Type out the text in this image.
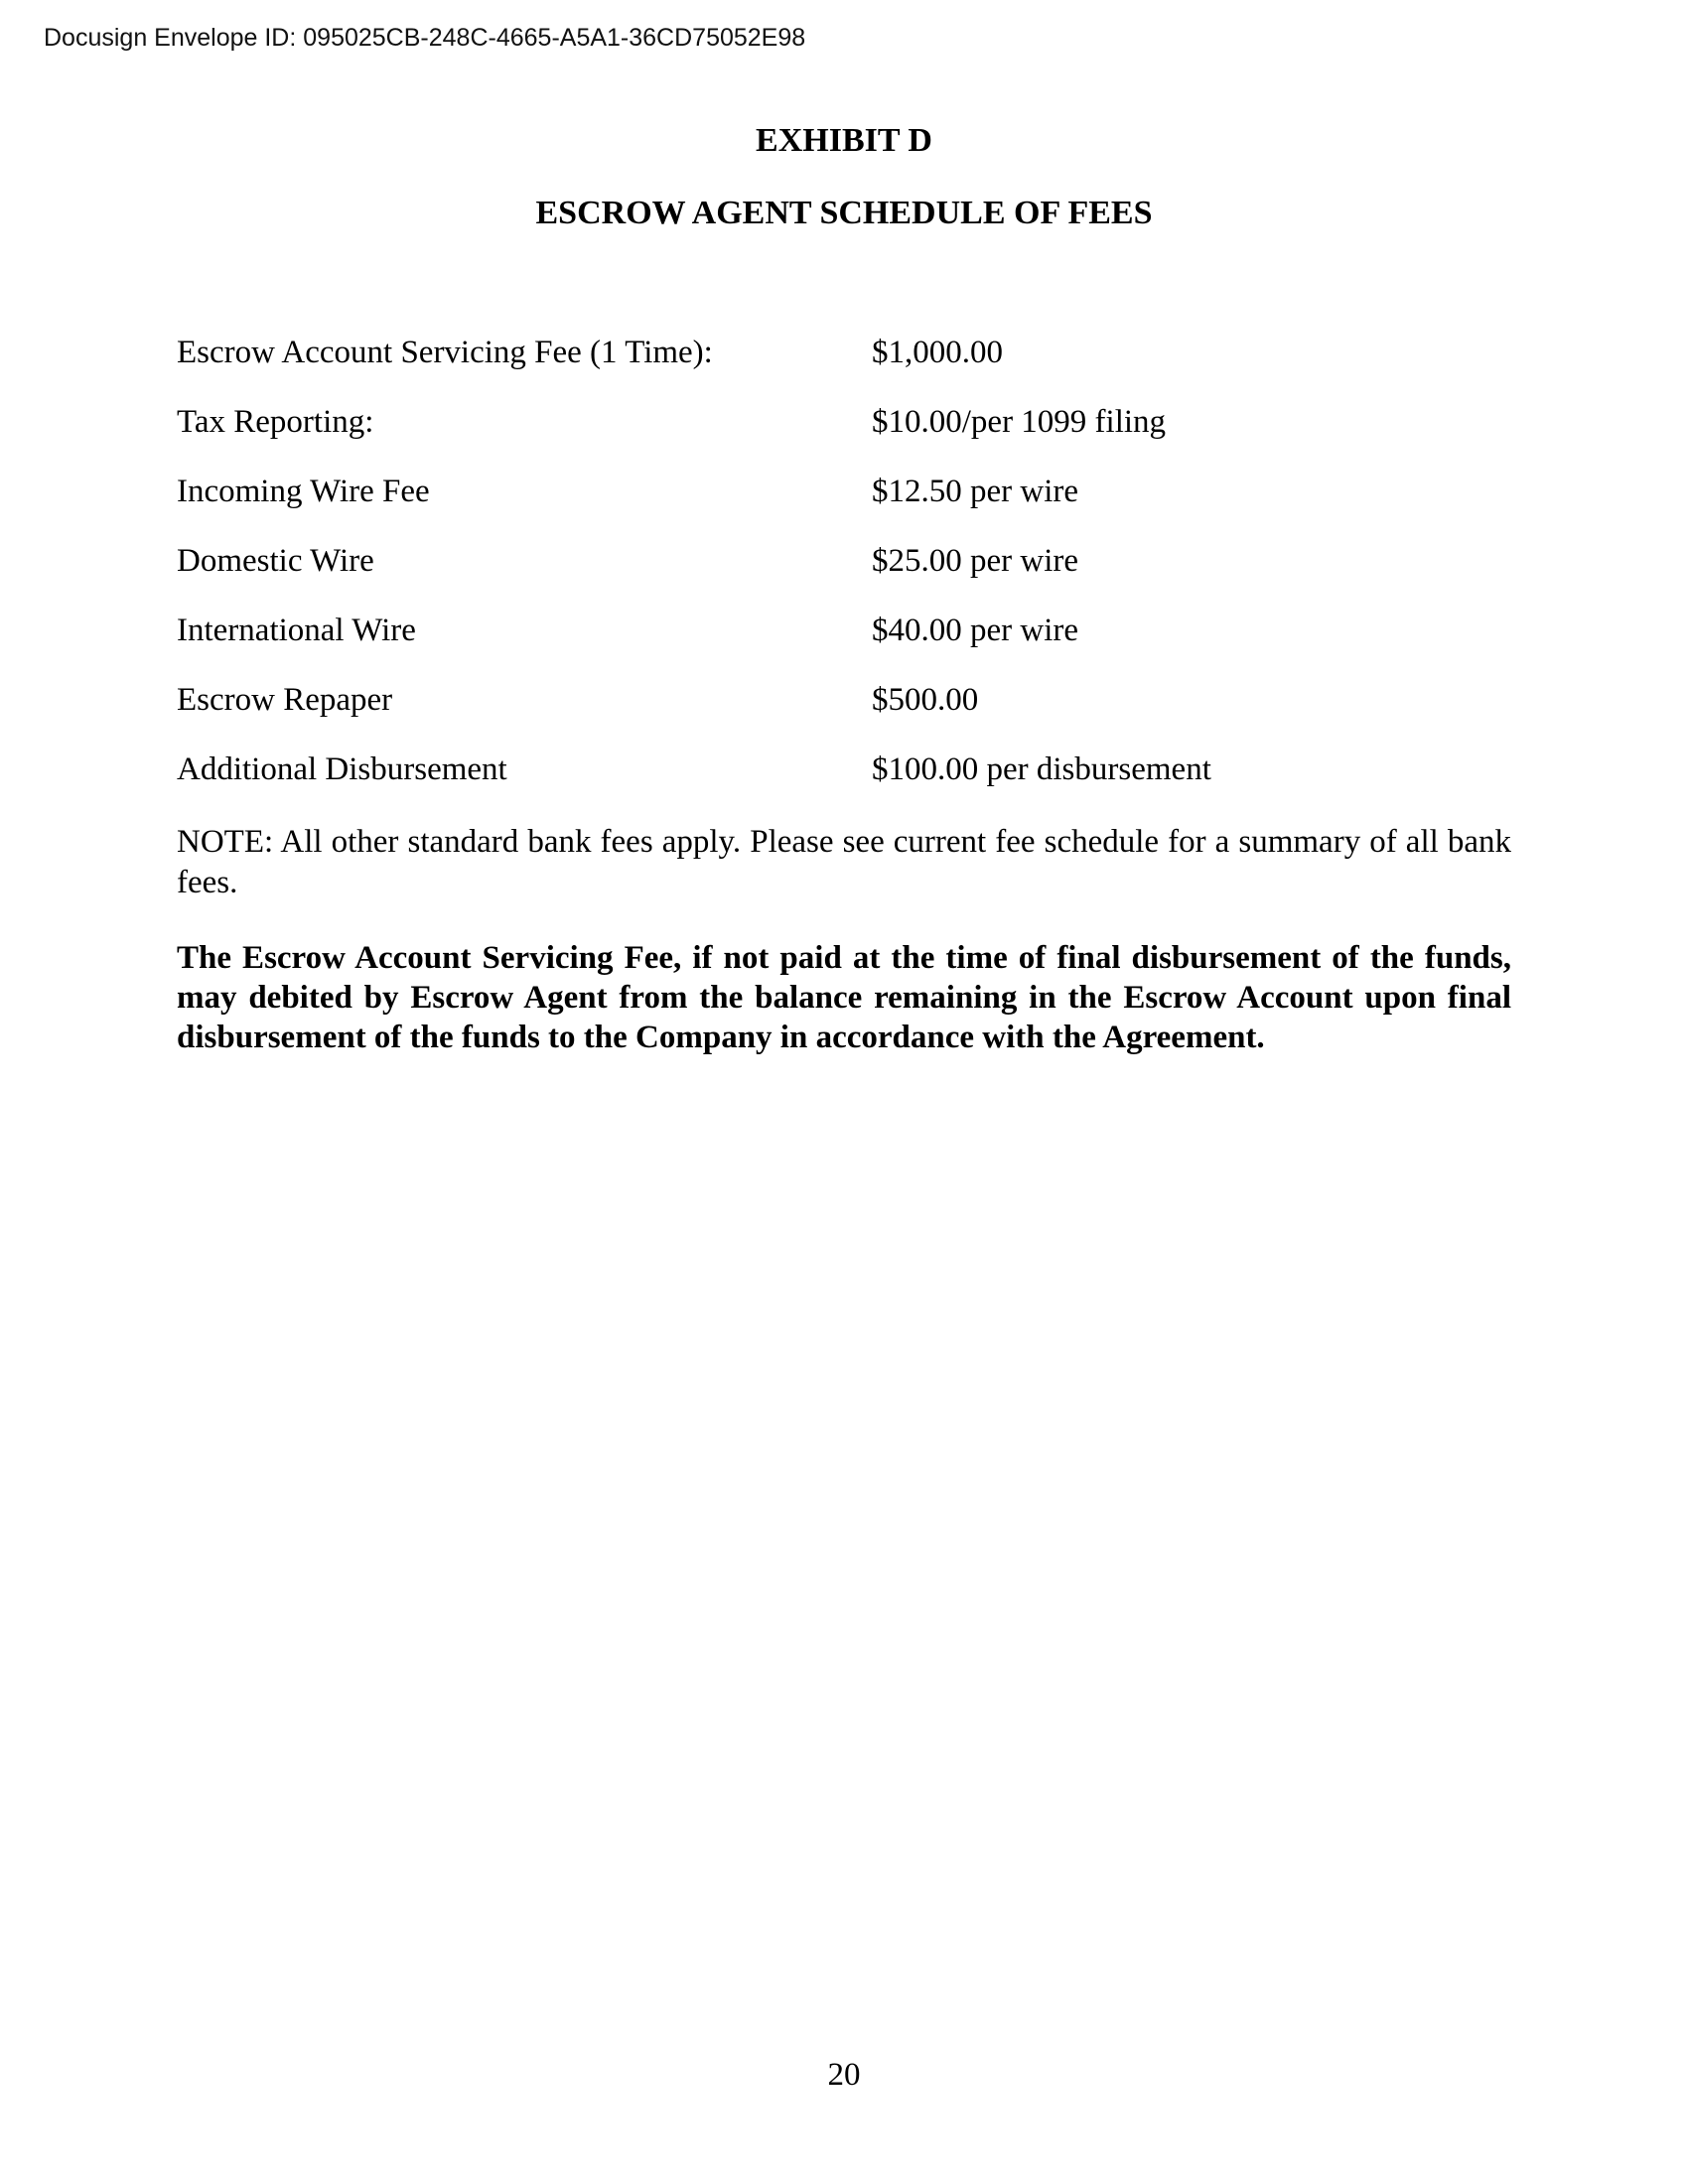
Docusign Envelope ID: 095025CB-248C-4665-A5A1-36CD75052E98
EXHIBIT D
ESCROW AGENT SCHEDULE OF FEES
Escrow Account Servicing Fee (1 Time):	$1,000.00
Tax Reporting:	$10.00/per 1099 filing
Incoming Wire Fee	$12.50 per wire
Domestic Wire	$25.00 per wire
International Wire	$40.00 per wire
Escrow Repaper	$500.00
Additional Disbursement	$100.00 per disbursement
NOTE: All other standard bank fees apply. Please see current fee schedule for a summary of all bank fees.
The Escrow Account Servicing Fee, if not paid at the time of final disbursement of the funds, may debited by Escrow Agent from the balance remaining in the Escrow Account upon final disbursement of the funds to the Company in accordance with the Agreement.
20
